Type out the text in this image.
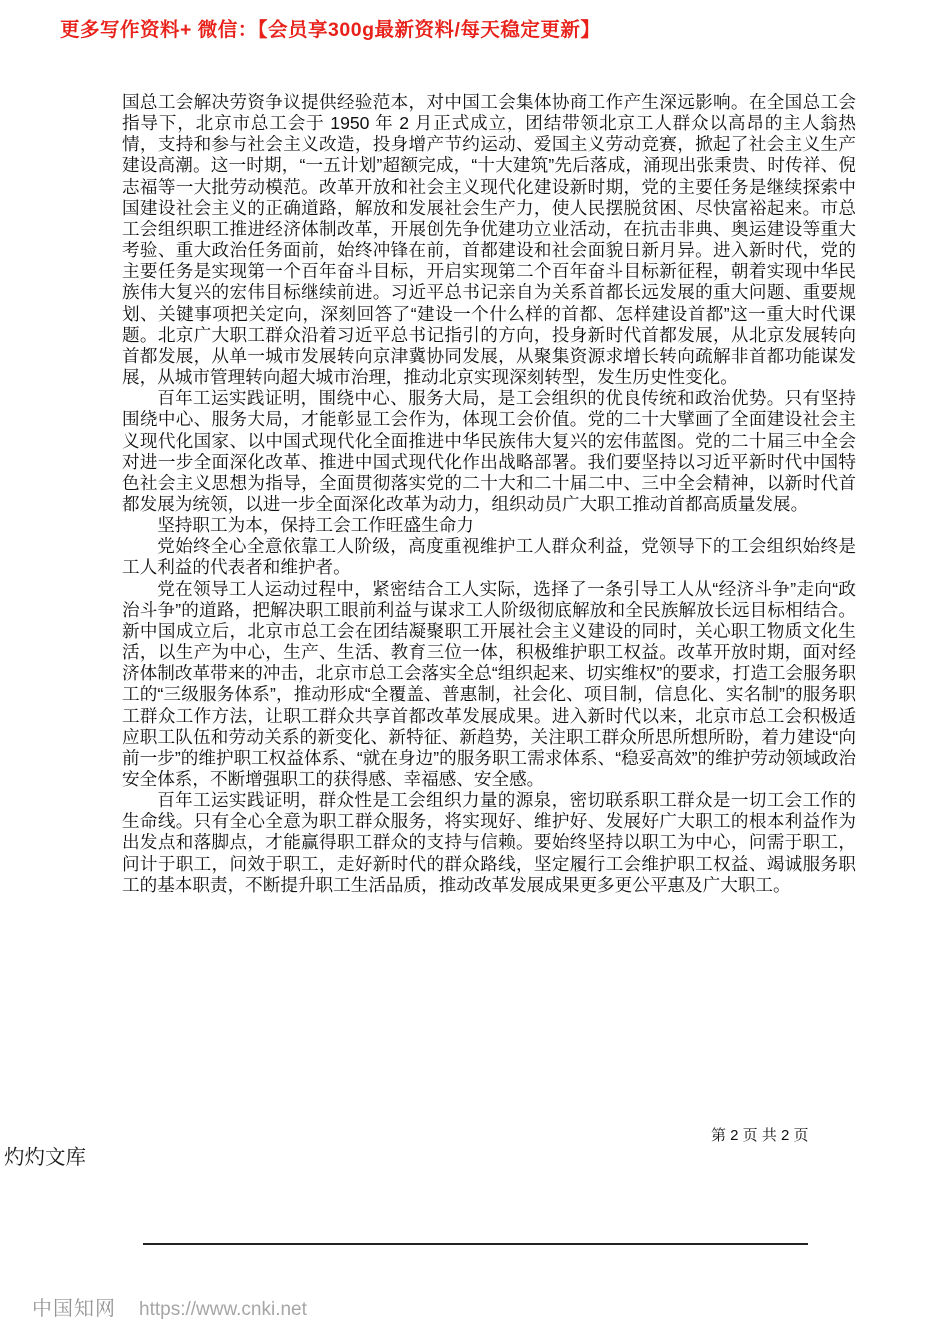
更多写作资料+ 微信：【会员享300g最新资料/每天稳定更新】

国总工会解决劳资争议提供经验范本，对中国工会集体协商工作产生深远影响。在全国总工会指导下，北京市总工会于 1950 年 2 月正式成立，团结带领北京工人群众以高昂的主人翁热情，支持和参与社会主义改造，投身增产节约运动、爱国主义劳动竞赛，掀起了社会主义生产建设高潮。这一时期，“一五计划”超额完成，“十大建筑”先后落成，涌现出张秉贵、时传祥、倪志福等一大批劳动模范。改革开放和社会主义现代化建设新时期，党的主要任务是继续探索中国建设社会主义的正确道路，解放和发展社会生产力，使人民摆脱贫困、尽快富裕起来。市总工会组织职工推进经济体制改革，开展创先争优建功立业活动，在抗击非典、奥运建设等重大考验、重大政治任务面前，始终冲锋在前，首都建设和社会面貌日新月异。进入新时代，党的主要任务是实现第一个百年奋斗目标，开启实现第二个百年奋斗目标新征程，朝着实现中华民族伟大复兴的宏伟目标继续前进。习近平总书记亲自为关系首都长远发展的重大问题、重要规划、关键事项把关定向，深刻回答了“建设一个什么样的首都、怎样建设首都”这一重大时代课题。北京广大职工群众沿着习近平总书记指引的方向，投身新时代首都发展，从北京发展转向首都发展，从单一城市发展转向京津冀协同发展，从聚集资源求增长转向疏解非首都功能谋发展，从城市管理转向超大城市治理，推动北京实现深刻转型，发生历史性变化。

百年工运实践证明，围绕中心、服务大局，是工会组织的优良传统和政治优势。只有坚持围绕中心、服务大局，才能彰显工会作为，体现工会价值。党的二十大擘画了全面建设社会主义现代化国家、以中国式现代化全面推进中华民族伟大复兴的宏伟蓝图。党的二十届三中全会对进一步全面深化改革、推进中国式现代化作出战略部署。我们要坚持以习近平新时代中国特色社会主义思想为指导，全面贯彻落实党的二十大和二十届二中、三中全会精神，以新时代首都发展为统领，以进一步全面深化改革为动力，组织动员广大职工推动首都高质量发展。

坚持职工为本，保持工会工作旺盛生命力

党始终全心全意依靠工人阶级，高度重视维护工人群众利益，党领导下的工会组织始终是工人利益的代表者和维护者。

党在领导工人运动过程中，紧密结合工人实际，选择了一条引导工人从“经济斗争”走向“政治斗争”的道路，把解决职工眼前利益与谋求工人阶级彻底解放和全民族解放长远目标相结合。新中国成立后，北京市总工会在团结凝聚职工开展社会主义建设的同时，关心职工物质文化生活，以生产为中心，生产、生活、教育三位一体，积极维护职工权益。改革开放时期，面对经济体制改革带来的冲击，北京市总工会落实全总“组织起来、切实维权”的要求，打造工会服务职工的“三级服务体系”，推动形成“全覆盖、普惠制，社会化、项目制，信息化、实名制”的服务职工群众工作方法，让职工群众共享首都改革发展成果。进入新时代以来，北京市总工会积极适应职工队伍和劳动关系的新变化、新特征、新趋势，关注职工群众所思所想所盼，着力建设“向前一步”的维护职工权益体系、“就在身边”的服务职工需求体系、“稳妥高效”的维护劳动领域政治安全体系，不断增强职工的获得感、幸福感、安全感。

百年工运实践证明，群众性是工会组织力量的源泉，密切联系职工群众是一切工会工作的生命线。只有全心全意为职工群众服务，将实现好、维护好、发展好广大职工的根本利益作为出发点和落脚点，才能赢得职工群众的支持与信赖。要始终坚持以职工为中心，问需于职工，问计于职工，问效于职工，走好新时代的群众路线，坚定履行工会维护职工权益、竭诚服务职工的基本职责，不断提升职工生活品质，推动改革发展成果更多更公平惠及广大职工。

第 2 页 共 2 页
灼灼文库
中国知网 https://www.cnki.net
